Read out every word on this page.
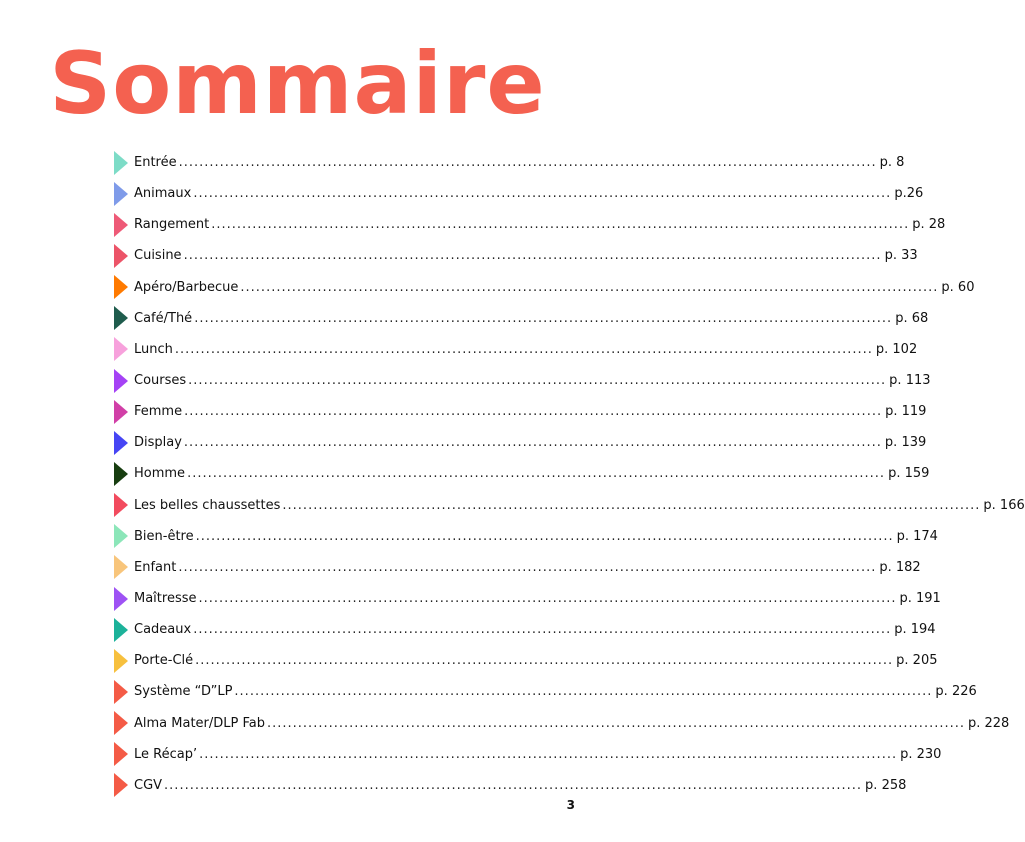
Sommaire
Entrée .....	p. 8
Animaux .....	p.26
Rangement .....	p. 28
Cuisine .....	p. 33
Apéro/Barbecue .....	p. 60
Café/Thé .....	p. 68
Lunch .....	p. 102
Courses .....	p. 113
Femme .....	p. 119
Display .....	p. 139
Homme .....	p. 159
Les belles chaussettes .....	p. 166
Bien-être .....	p. 174
Enfant .....	p. 182
Maîtresse .....	p. 191
Cadeaux .....	p. 194
Porte-Clé .....	p. 205
Système “D”LP .....	p. 226
Alma Mater/DLP Fab .....	p. 228
Le Récap’ .....	p. 230
CGV .....	p. 258
3
